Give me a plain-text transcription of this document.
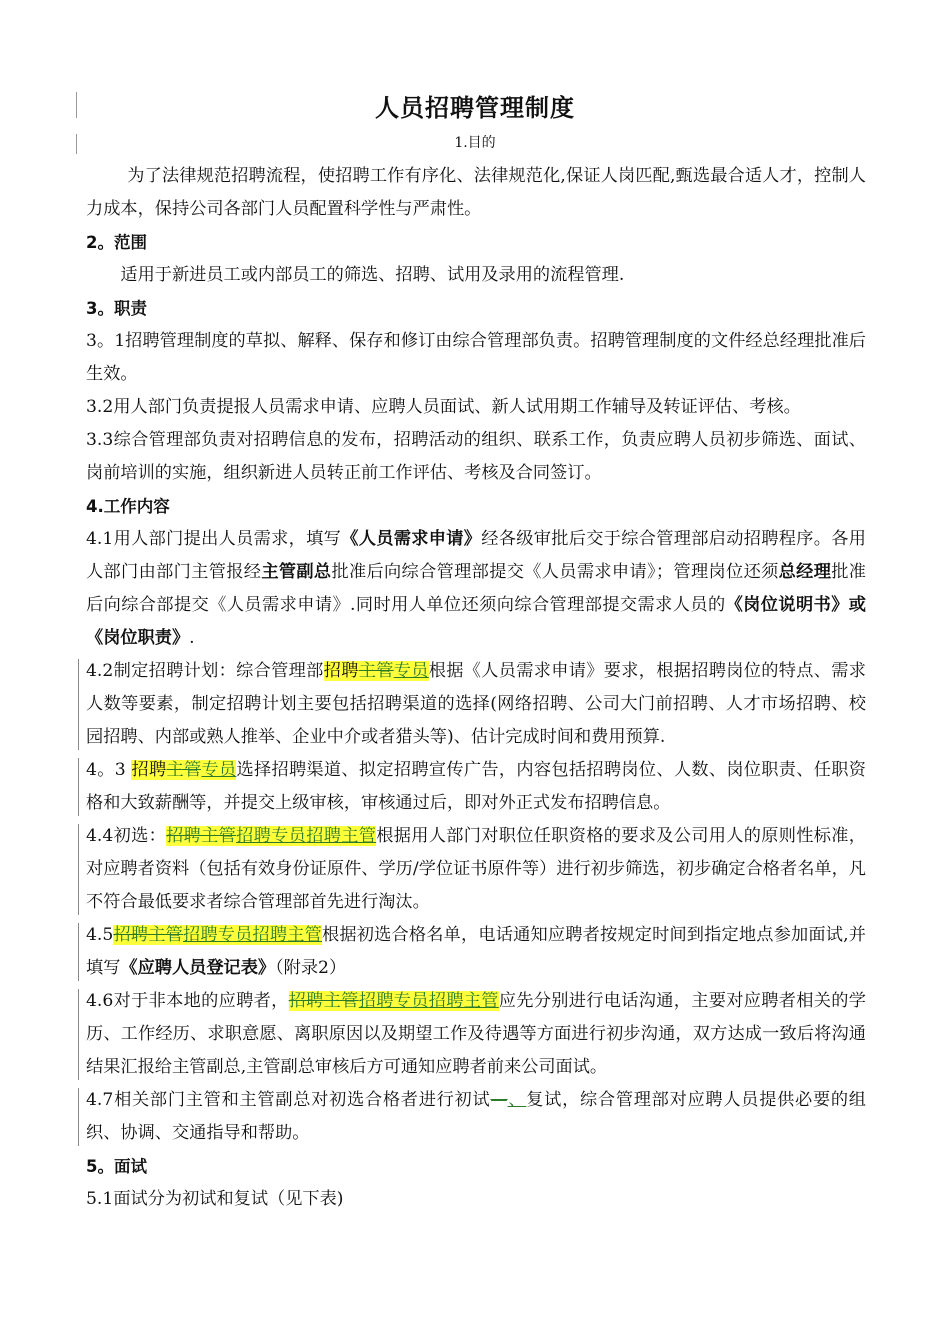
人员招聘管理制度
1.目的

为了法律规范招聘流程，使招聘工作有序化、法律规范化,保证人岗匹配,甄选最合适人才，控制人力成本，保持公司各部门人员配置科学性与严肃性。

2。范围

适用于新进员工或内部员工的筛选、招聘、试用及录用的流程管理.

3。职责

3。1招聘管理制度的草拟、解释、保存和修订由综合管理部负责。招聘管理制度的文件经总经理批准后生效。

3.2用人部门负责提报人员需求申请、应聘人员面试、新人试用期工作辅导及转证评估、考核。

3.3综合管理部负责对招聘信息的发布，招聘活动的组织、联系工作，负责应聘人员初步筛选、面试、岗前培训的实施，组织新进人员转正前工作评估、考核及合同签订。

4.工作内容

4.1用人部门提出人员需求，填写《人员需求申请》经各级审批后交于综合管理部启动招聘程序。各用人部门由部门主管报经主管副总批准后向综合管理部提交《人员需求申请》；管理岗位还须总经理批准后向综合部提交《人员需求申请》.同时用人单位还须向综合管理部提交需求人员的《岗位说明书》或《岗位职责》.

4.2制定招聘计划：综合管理部招聘主管专员根据《人员需求申请》要求，根据招聘岗位的特点、需求人数等要素，制定招聘计划主要包括招聘渠道的选择(网络招聘、公司大门前招聘、人才市场招聘、校园招聘、内部或熟人推举、企业中介或者猎头等)、估计完成时间和费用预算.

4。3 招聘主管专员选择招聘渠道、拟定招聘宣传广告，内容包括招聘岗位、人数、岗位职责、任职资格和大致薪酬等，并提交上级审核，审核通过后，即对外正式发布招聘信息。

4.4初选：招聘主管招聘专员招聘主管根据用人部门对职位任职资格的要求及公司用人的原则性标准，对应聘者资料（包括有效身份证原件、学历/学位证书原件等）进行初步筛选，初步确定合格者名单，凡不符合最低要求者综合管理部首先进行淘汰。

4.5招聘主管招聘专员招聘主管根据初选合格名单，电话通知应聘者按规定时间到指定地点参加面试,并填写《应聘人员登记表》（附录2）

4.6对于非本地的应聘者，招聘主管招聘专员招聘主管应先分别进行电话沟通，主要对应聘者相关的学历、工作经历、求职意愿、离职原因以及期望工作及待遇等方面进行初步沟通，双方达成一致后将沟通结果汇报给主管副总,主管副总审核后方可通知应聘者前来公司面试。

4.7相关部门主管和主管副总对初选合格者进行初试—、复试，综合管理部对应聘人员提供必要的组织、协调、交通指导和帮助。

5。面试

5.1面试分为初试和复试（见下表)
